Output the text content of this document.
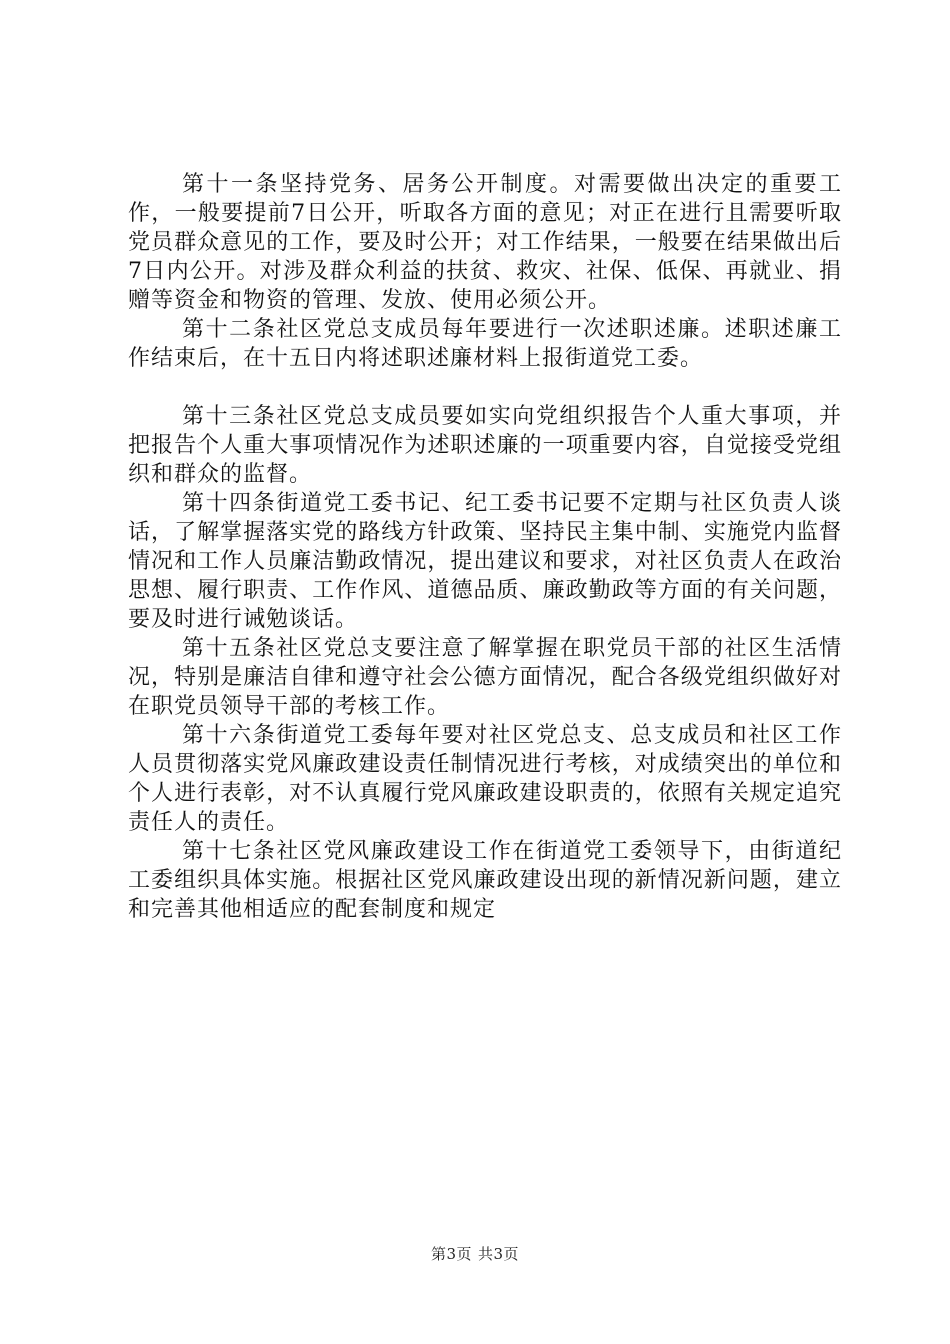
第十一条坚持党务、居务公开制度。对需要做出决定的重要工作，一般要提前7日公开，听取各方面的意见；对正在进行且需要听取党员群众意见的工作，要及时公开；对工作结果，一般要在结果做出后7日内公开。对涉及群众利益的扶贫、救灾、社保、低保、再就业、捐赠等资金和物资的管理、发放、使用必须公开。

第十二条社区党总支成员每年要进行一次述职述廉。述职述廉工作结束后，在十五日内将述职述廉材料上报街道党工委。

第十三条社区党总支成员要如实向党组织报告个人重大事项，并把报告个人重大事项情况作为述职述廉的一项重要内容，自觉接受党组织和群众的监督。

第十四条街道党工委书记、纪工委书记要不定期与社区负责人谈话，了解掌握落实党的路线方针政策、坚持民主集中制、实施党内监督情况和工作人员廉洁勤政情况，提出建议和要求，对社区负责人在政治思想、履行职责、工作作风、道德品质、廉政勤政等方面的有关问题，要及时进行诫勉谈话。

第十五条社区党总支要注意了解掌握在职党员干部的社区生活情况，特别是廉洁自律和遵守社会公德方面情况，配合各级党组织做好对在职党员领导干部的考核工作。

第十六条街道党工委每年要对社区党总支、总支成员和社区工作人员贯彻落实党风廉政建设责任制情况进行考核，对成绩突出的单位和个人进行表彰，对不认真履行党风廉政建设职责的，依照有关规定追究责任人的责任。

第十七条社区党风廉政建设工作在街道党工委领导下，由街道纪工委组织具体实施。根据社区党风廉政建设出现的新情况新问题，建立和完善其他相适应的配套制度和规定

第3页 共3页
